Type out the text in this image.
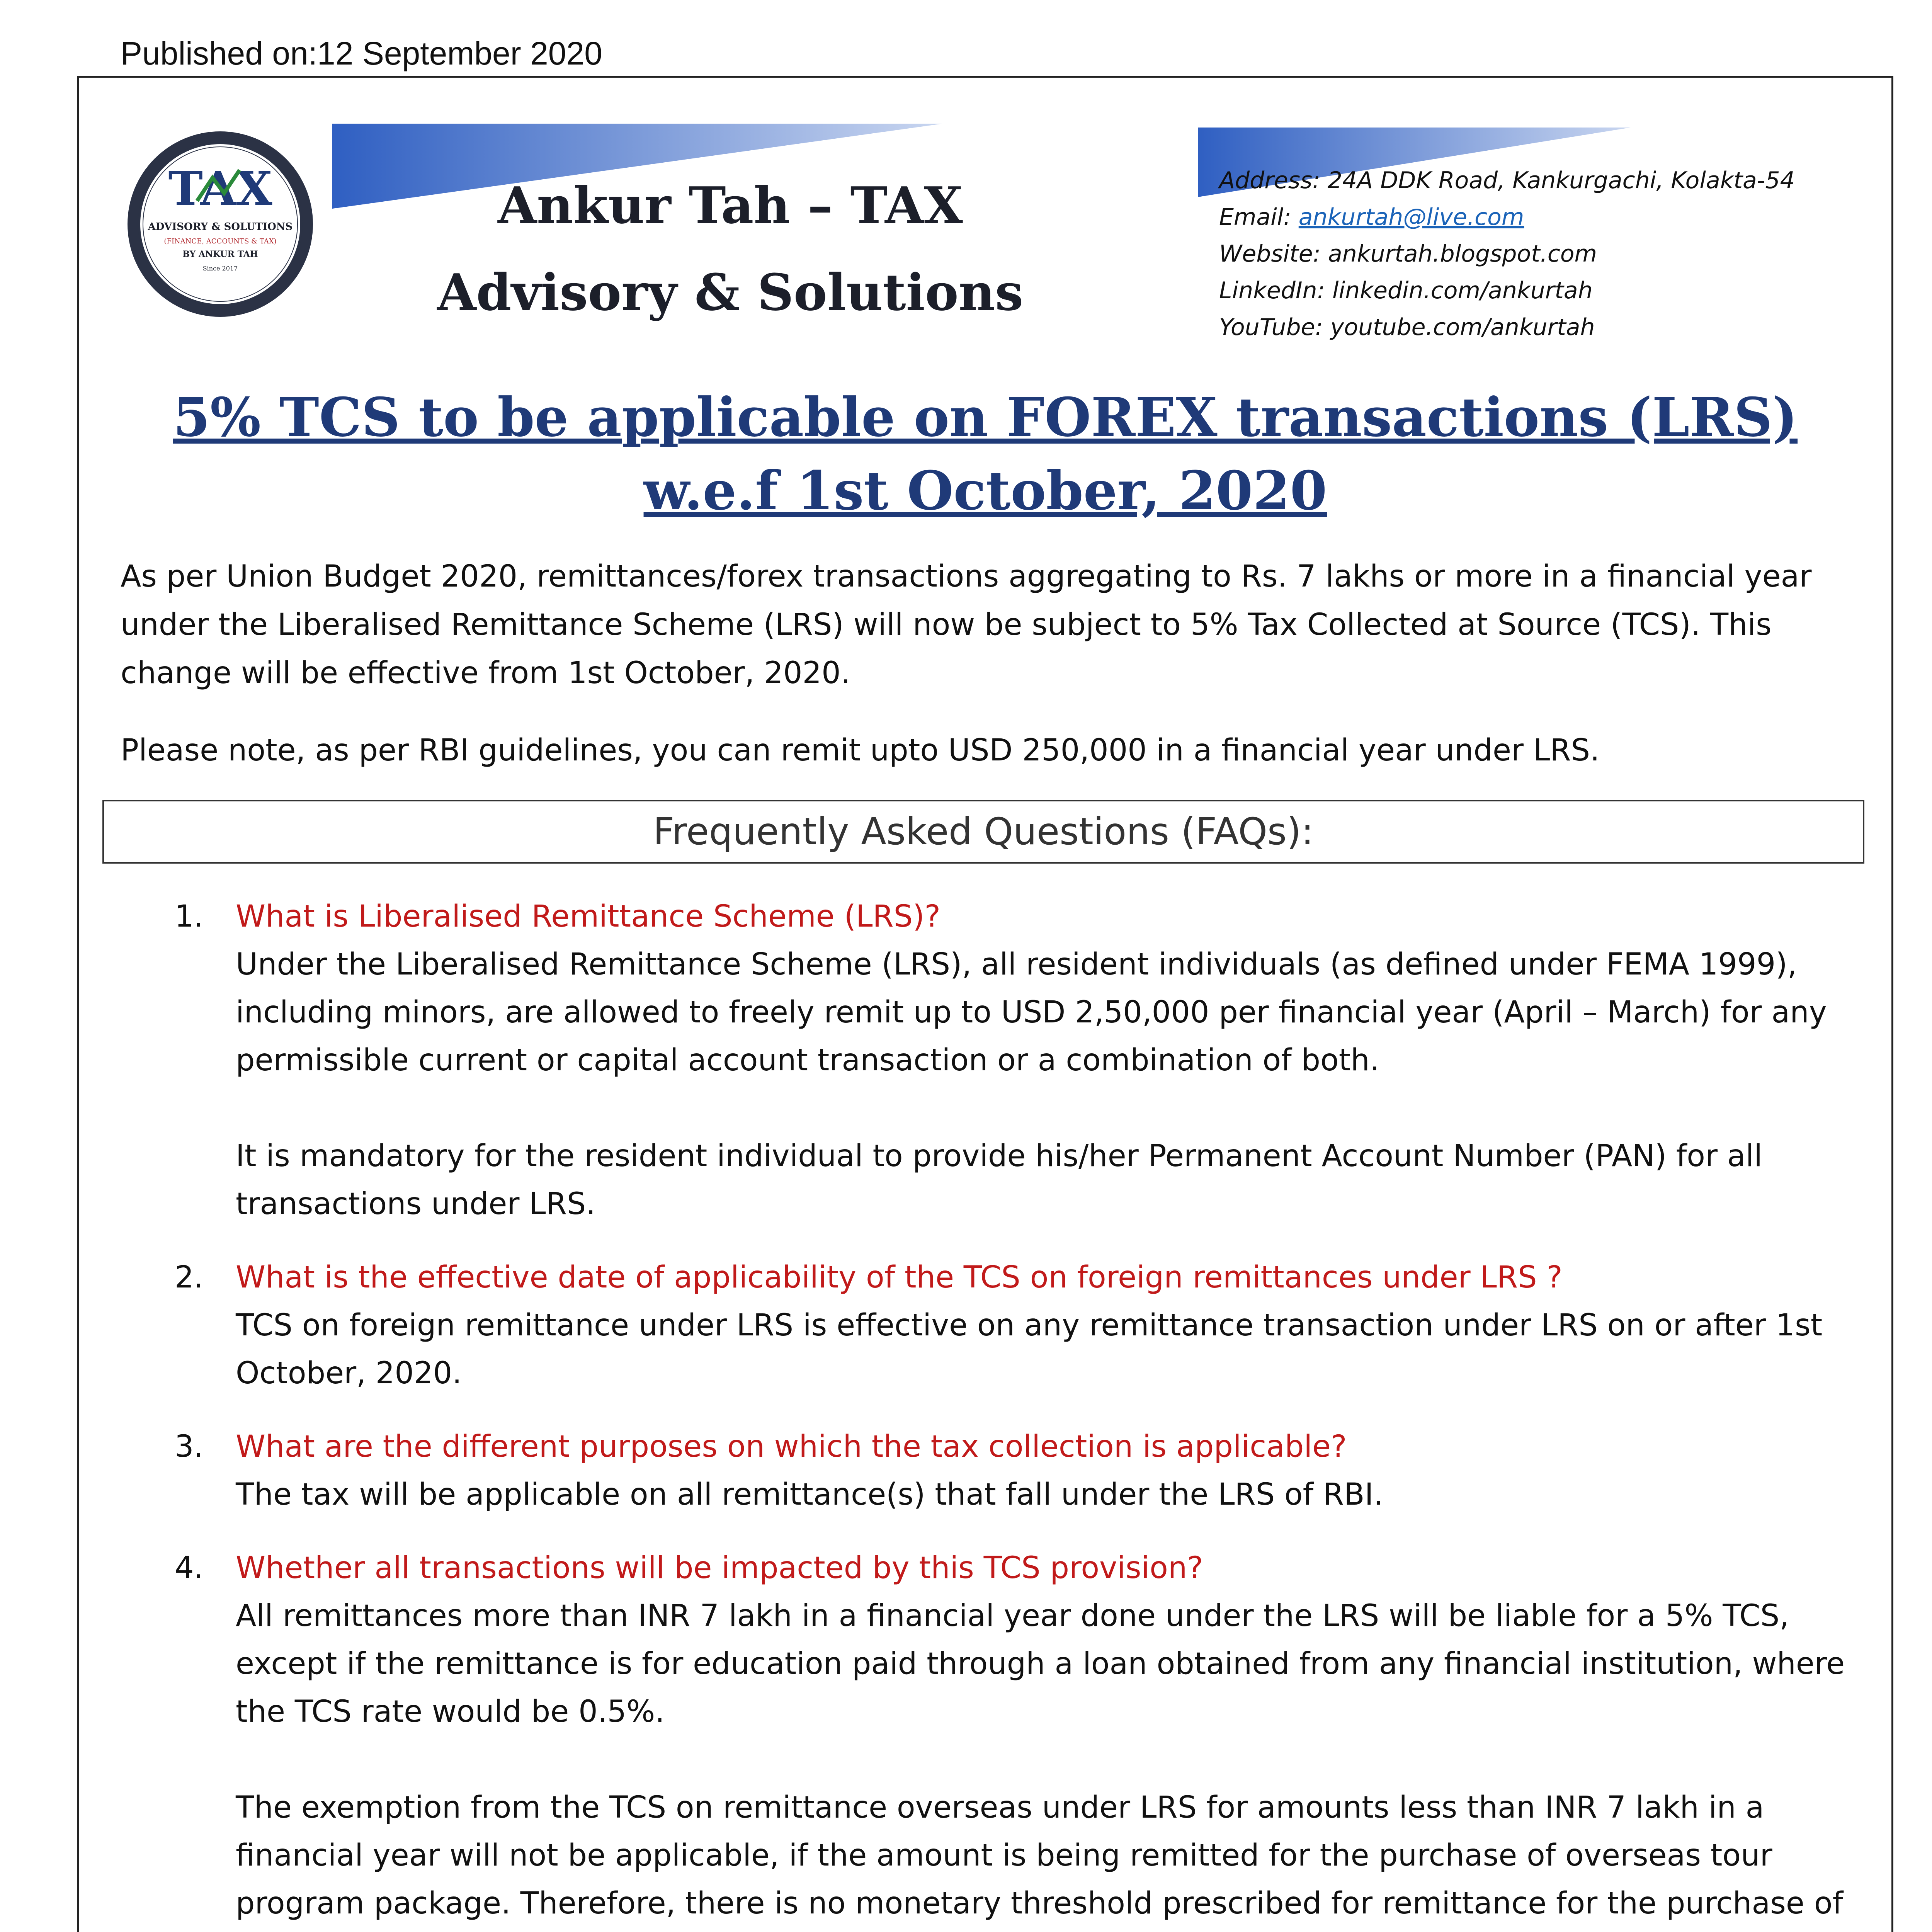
Published on:12 September 2020
TAX
ADVISORY & SOLUTIONS
(FINANCE, ACCOUNTS & TAX)
BY ANKUR TAH
Since 2017
Ankur Tah – TAX
Advisory & Solutions
Address: 24A DDK Road, Kankurgachi, Kolakta-54
Email: ankurtah@live.com
Website: ankurtah.blogspot.com
LinkedIn: linkedin.com/ankurtah
YouTube: youtube.com/ankurtah
5% TCS to be applicable on FOREX transactions (LRS)
w.e.f 1st October, 2020
As per Union Budget 2020, remittances/forex transactions aggregating to Rs. 7 lakhs or more in a financial year under the Liberalised Remittance Scheme (LRS) will now be subject to 5% Tax Collected at Source (TCS). This change will be effective from 1st October, 2020.
Please note, as per RBI guidelines, you can remit upto USD 250,000 in a financial year under LRS.
Frequently Asked Questions (FAQs):
1. What is Liberalised Remittance Scheme (LRS)?
Under the Liberalised Remittance Scheme (LRS), all resident individuals (as defined under FEMA 1999), including minors, are allowed to freely remit up to USD 2,50,000 per financial year (April – March) for any permissible current or capital account transaction or a combination of both.
It is mandatory for the resident individual to provide his/her Permanent Account Number (PAN) for all transactions under LRS.
2. What is the effective date of applicability of the TCS on foreign remittances under LRS ?
TCS on foreign remittance under LRS is effective on any remittance transaction under LRS on or after 1st October, 2020.
3. What are the different purposes on which the tax collection is applicable?
The tax will be applicable on all remittance(s) that fall under the LRS of RBI.
4. Whether all transactions will be impacted by this TCS provision?
All remittances more than INR 7 lakh in a financial year done under the LRS will be liable for a 5% TCS, except if the remittance is for education paid through a loan obtained from any financial institution, where the TCS rate would be 0.5%.
The exemption from the TCS on remittance overseas under LRS for amounts less than INR 7 lakh in a financial year will not be applicable, if the amount is being remitted for the purchase of overseas tour program package. Therefore, there is no monetary threshold prescribed for remittance for the purchase of
